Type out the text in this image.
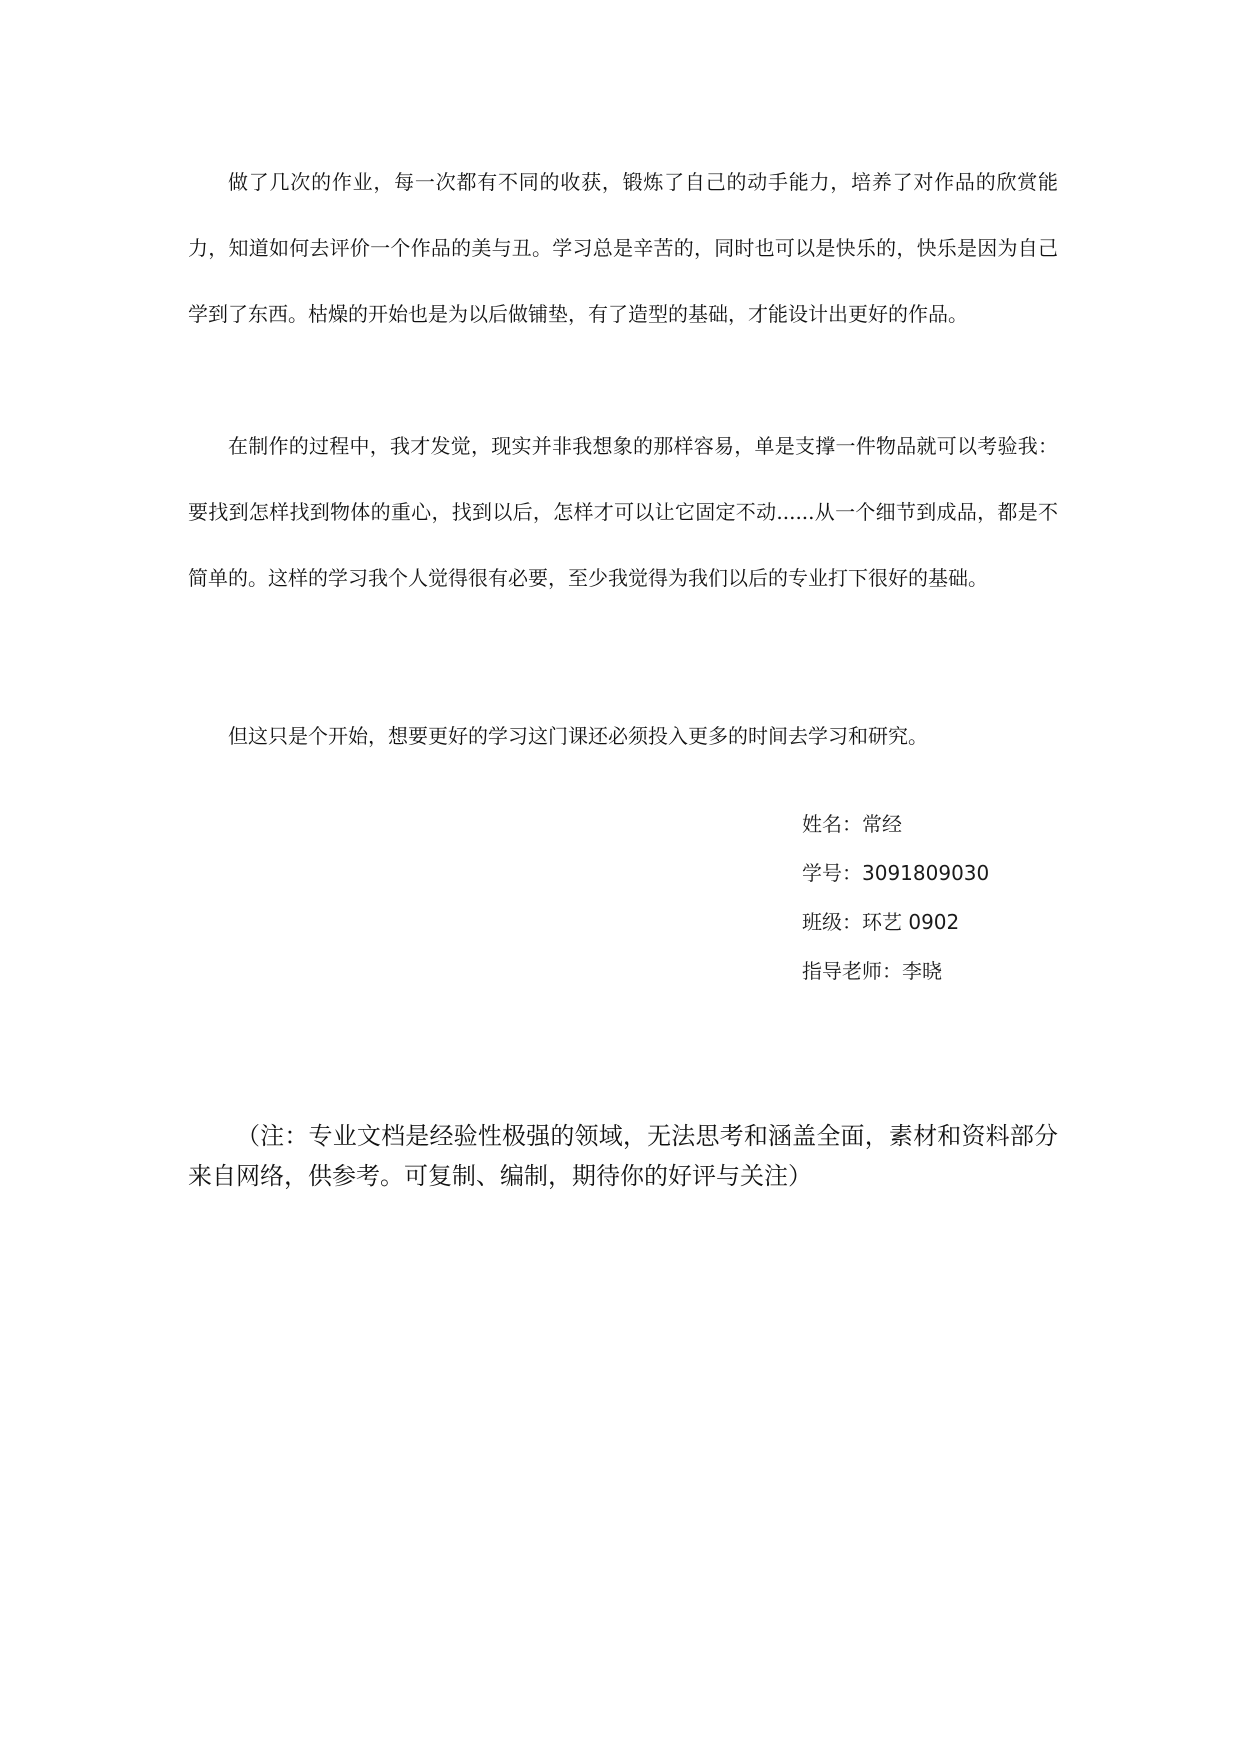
做了几次的作业，每一次都有不同的收获，锻炼了自己的动手能力，培养了对作品的欣赏能力，知道如何去评价一个作品的美与丑。学习总是辛苦的，同时也可以是快乐的，快乐是因为自己学到了东西。枯燥的开始也是为以后做铺垫，有了造型的基础，才能设计出更好的作品。

在制作的过程中，我才发觉，现实并非我想象的那样容易，单是支撑一件物品就可以考验我：要找到怎样找到物体的重心，找到以后，怎样才可以让它固定不动......从一个细节到成品，都是不简单的。这样的学习我个人觉得很有必要，至少我觉得为我们以后的专业打下很好的基础。

但这只是个开始，想要更好的学习这门课还必须投入更多的时间去学习和研究。

姓名：常经
学号：3091809030
班级：环艺 0902
指导老师：李晓

（注：专业文档是经验性极强的领域，无法思考和涵盖全面，素材和资料部分来自网络，供参考。可复制、编制，期待你的好评与关注）
